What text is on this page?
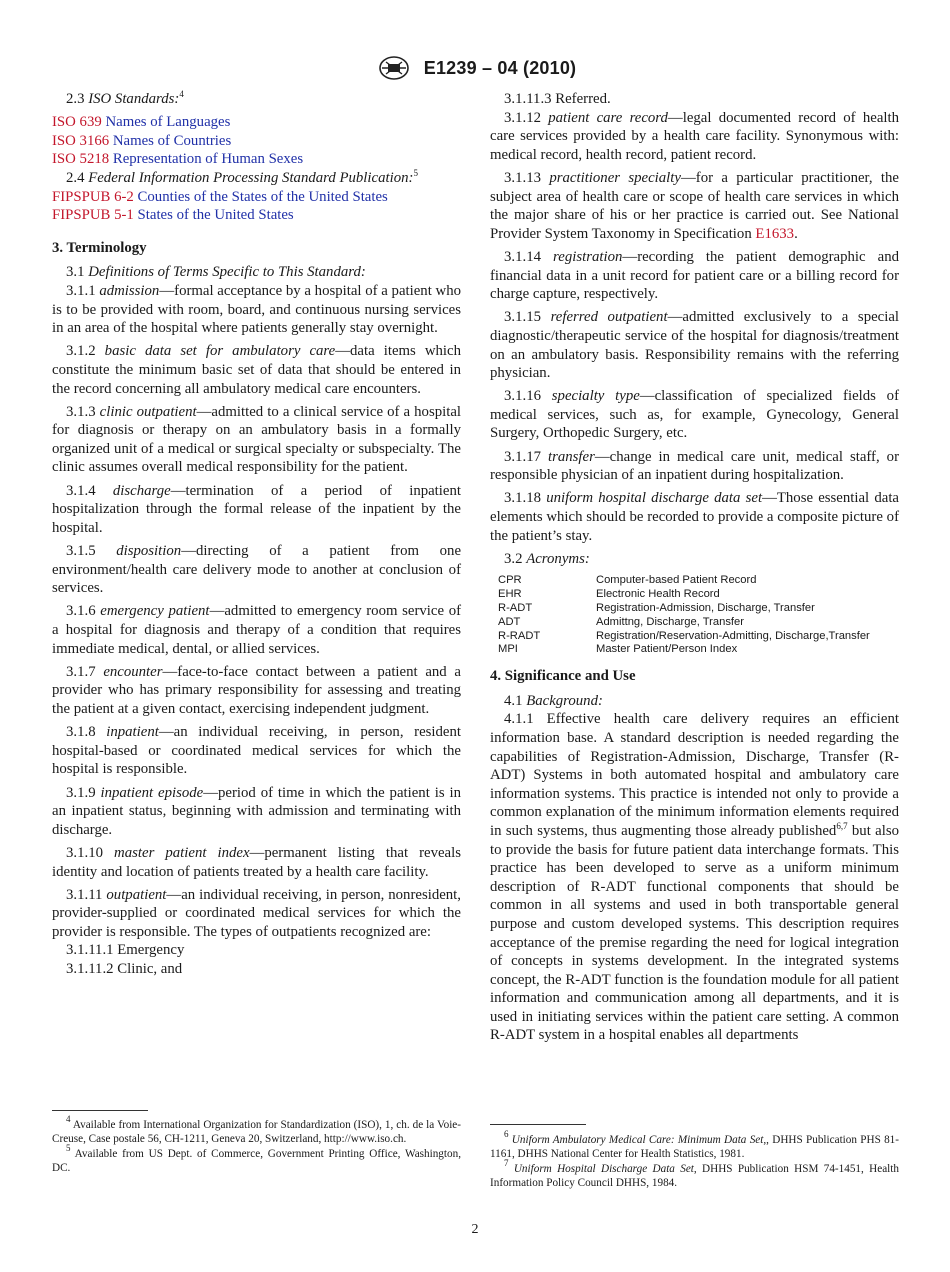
E1239 – 04 (2010)

2.3 ISO Standards:$^4$

ISO 639 Names of Languages

ISO 3166 Names of Countries

ISO 5218 Representation of Human Sexes

2.4 Federal Information Processing Standard Publication:$^5$

FIPSPUB 6-2 Counties of the States of the United States

FIPSPUB 5-1 States of the United States

3. Terminology

3.1 Definitions of Terms Specific to This Standard:

3.1.1 admission—formal acceptance by a hospital of a patient who is to be provided with room, board, and continuous nursing services in an area of the hospital where patients generally stay overnight.

3.1.2 basic data set for ambulatory care—data items which constitute the minimum basic set of data that should be entered in the record concerning all ambulatory medical care encounters.

3.1.3 clinic outpatient—admitted to a clinical service of a hospital for diagnosis or therapy on an ambulatory basis in a formally organized unit of a medical or surgical specialty or subspecialty. The clinic assumes overall medical responsibility for the patient.

3.1.4 discharge—termination of a period of inpatient hospitalization through the formal release of the inpatient by the hospital.

3.1.5 disposition—directing of a patient from one environment/health care delivery mode to another at conclusion of services.

3.1.6 emergency patient—admitted to emergency room service of a hospital for diagnosis and therapy of a condition that requires immediate medical, dental, or allied services.

3.1.7 encounter—face-to-face contact between a patient and a provider who has primary responsibility for assessing and treating the patient at a given contact, exercising independent judgment.

3.1.8 inpatient—an individual receiving, in person, resident hospital-based or coordinated medical services for which the hospital is responsible.

3.1.9 inpatient episode—period of time in which the patient is in an inpatient status, beginning with admission and terminating with discharge.

3.1.10 master patient index—permanent listing that reveals identity and location of patients treated by a health care facility.

3.1.11 outpatient—an individual receiving, in person, nonresident, provider-supplied or coordinated medical services for which the provider is responsible. The types of outpatients recognized are:

3.1.11.1 Emergency

3.1.11.2 Clinic, and

3.1.11.3 Referred.

3.1.12 patient care record—legal documented record of health care services provided by a health care facility. Synonymous with: medical record, health record, patient record.

3.1.13 practitioner specialty—for a particular practitioner, the subject area of health care or scope of health care services in which the major share of his or her practice is carried out. See National Provider System Taxonomy in Specification E1633.

3.1.14 registration—recording the patient demographic and financial data in a unit record for patient care or a billing record for charge capture, respectively.

3.1.15 referred outpatient—admitted exclusively to a special diagnostic/therapeutic service of the hospital for diagnosis/treatment on an ambulatory basis. Responsibility remains with the referring physician.

3.1.16 specialty type—classification of specialized fields of medical services, such as, for example, Gynecology, General Surgery, Orthopedic Surgery, etc.

3.1.17 transfer—change in medical care unit, medical staff, or responsible physician of an inpatient during hospitalization.

3.1.18 uniform hospital discharge data set—Those essential data elements which should be recorded to provide a composite picture of the patient’s stay.

3.2 Acronyms:

CPR	Computer-based Patient Record
EHR	Electronic Health Record
R-ADT	Registration-Admission, Discharge, Transfer
ADT	Admittng, Discharge, Transfer
R-RADT	Registration/Reservation-Admitting, Discharge,Transfer
MPI	Master Patient/Person Index

4. Significance and Use

4.1 Background:

4.1.1 Effective health care delivery requires an efficient information base. A standard description is needed regarding the capabilities of Registration-Admission, Discharge, Transfer (R-ADT) Systems in both automated hospital and ambulatory care information systems. This practice is intended not only to provide a common explanation of the minimum information elements required in such systems, thus augmenting those already published$^{6,7}$ but also to provide the basis for future patient data interchange formats. This practice has been developed to serve as a uniform minimum description of R-ADT functional components that should be common in all systems and used in both transportable general purpose and custom developed systems. This description requires acceptance of the premise regarding the need for logical integration of concepts in systems development. In the integrated systems concept, the R-ADT function is the foundation module for all patient information and communication among all departments, and it is used in initiating services within the patient care setting. A common R-ADT system in a hospital enables all departments

$^4$ Available from International Organization for Standardization (ISO), 1, ch. de la Voie-Creuse, Case postale 56, CH-1211, Geneva 20, Switzerland, http://www.iso.ch.

$^5$ Available from US Dept. of Commerce, Government Printing Office, Washington, DC.

$^6$ Uniform Ambulatory Medical Care: Minimum Data Set,, DHHS Publication PHS 81-1161, DHHS National Center for Health Statistics, 1981.

$^7$ Uniform Hospital Discharge Data Set, DHHS Publication HSM 74-1451, Health Information Policy Council DHHS, 1984.

2
